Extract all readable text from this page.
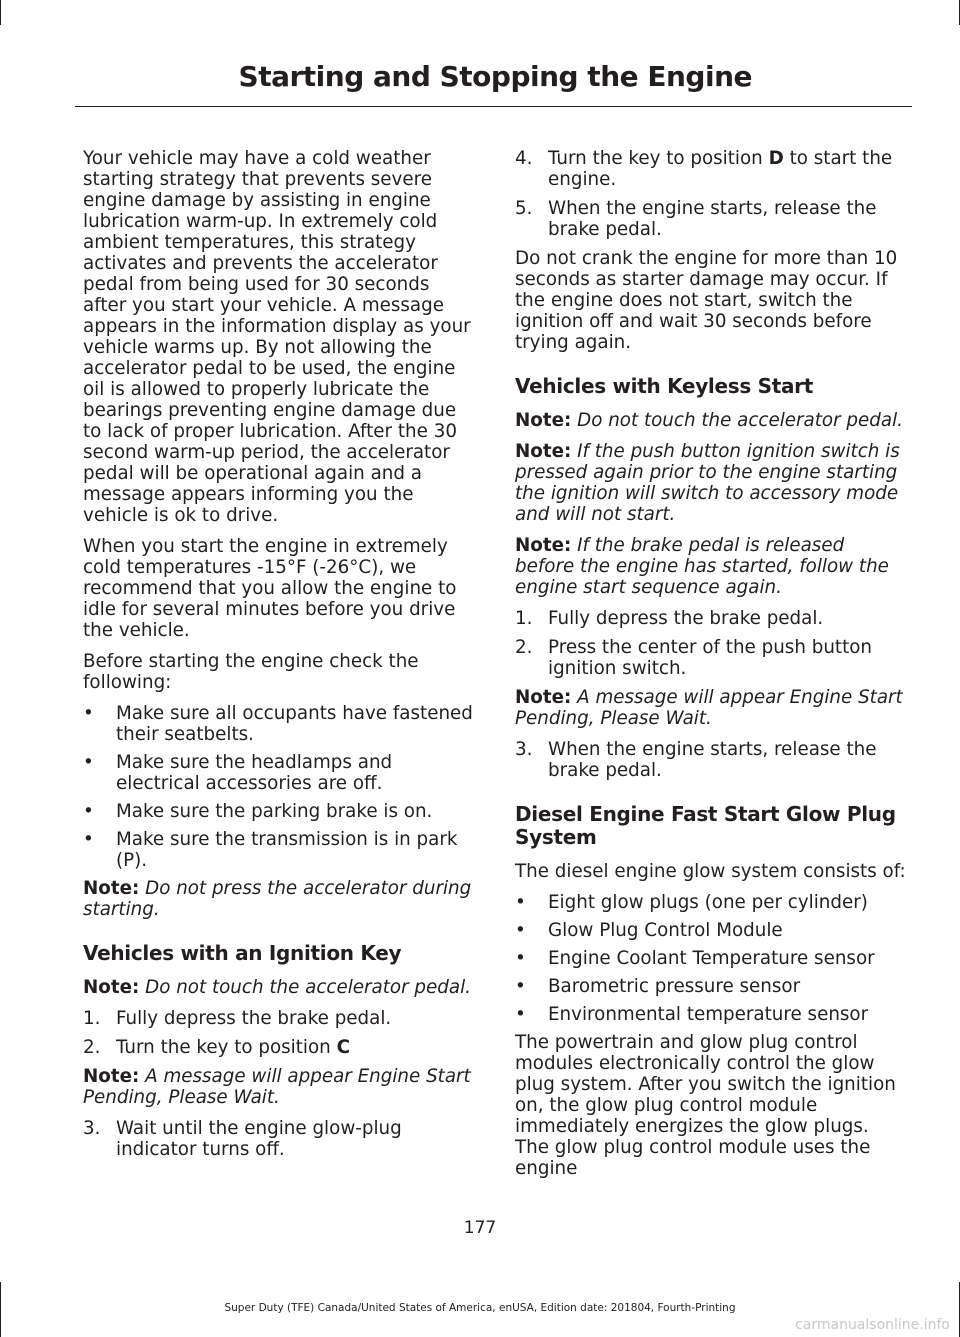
Starting and Stopping the Engine

Your vehicle may have a cold weather starting strategy that prevents severe engine damage by assisting in engine lubrication warm-up. In extremely cold ambient temperatures, this strategy activates and prevents the accelerator pedal from being used for 30 seconds after you start your vehicle. A message appears in the information display as your vehicle warms up. By not allowing the accelerator pedal to be used, the engine oil is allowed to properly lubricate the bearings preventing engine damage due to lack of proper lubrication. After the 30 second warm-up period, the accelerator pedal will be operational again and a message appears informing you the vehicle is ok to drive.

When you start the engine in extremely cold temperatures -15°F (-26°C), we recommend that you allow the engine to idle for several minutes before you drive the vehicle.

Before starting the engine check the following:

• Make sure all occupants have fastened their seatbelts.
• Make sure the headlamps and electrical accessories are off.
• Make sure the parking brake is on.
• Make sure the transmission is in park (P).

Note: Do not press the accelerator during starting.

Vehicles with an Ignition Key

Note: Do not touch the accelerator pedal.

1. Fully depress the brake pedal.
2. Turn the key to position C

Note: A message will appear Engine Start Pending, Please Wait.

3. Wait until the engine glow-plug indicator turns off.
4. Turn the key to position D to start the engine.
5. When the engine starts, release the brake pedal.

Do not crank the engine for more than 10 seconds as starter damage may occur. If the engine does not start, switch the ignition off and wait 30 seconds before trying again.

Vehicles with Keyless Start

Note: Do not touch the accelerator pedal.

Note: If the push button ignition switch is pressed again prior to the engine starting the ignition will switch to accessory mode and will not start.

Note: If the brake pedal is released before the engine has started, follow the engine start sequence again.

1. Fully depress the brake pedal.
2. Press the center of the push button ignition switch.

Note: A message will appear Engine Start Pending, Please Wait.

3. When the engine starts, release the brake pedal.
Diesel Engine Fast Start Glow Plug System

The diesel engine glow system consists of:

• Eight glow plugs (one per cylinder)
• Glow Plug Control Module
• Engine Coolant Temperature sensor
• Barometric pressure sensor
• Environmental temperature sensor

The powertrain and glow plug control modules electronically control the glow plug system. After you switch the ignition on, the glow plug control module immediately energizes the glow plugs. The glow plug control module uses the engine

177
Super Duty (TFE) Canada/United States of America, enUSA, Edition date: 201804, Fourth-Printing
carmanualsonline.info
